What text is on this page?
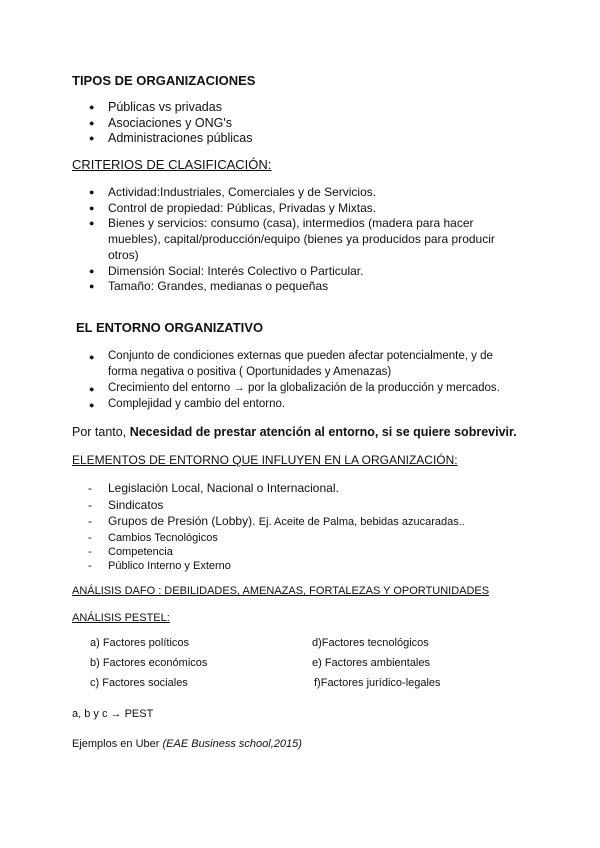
TIPOS DE ORGANIZACIONES
● Públicas vs privadas
● Asociaciones y ONG's
● Administraciones públicas
CRITERIOS DE CLASIFICACIÓN:
● Actividad:Industriales, Comerciales y de Servicios.
● Control de propiedad: Públicas, Privadas y Mixtas.
● Bienes y servicios: consumo (casa), intermedios (madera para hacer muebles), capital/producción/equipo (bienes ya producidos para producir otros)
● Dimensión Social: Interés Colectivo o Particular.
● Tamaño: Grandes, medianas o pequeñas
EL ENTORNO ORGANIZATIVO
● Conjunto de condiciones externas que pueden afectar potencialmente, y de forma negativa o positiva ( Oportunidades y Amenazas)
● Crecimiento del entorno → por la globalización de la producción y mercados.
● Complejidad y cambio del entorno.

Por tanto, Necesidad de prestar atención al entorno, si se quiere sobrevivir.

ELEMENTOS DE ENTORNO QUE INFLUYEN EN LA ORGANIZACIÓN:
- Legislación Local, Nacional o Internacional.
- Sindicatos
- Grupos de Presión (Lobby). Ej. Aceite de Palma, bebidas azucaradas..
- Cambios Tecnológicos
- Competencia
- Público Interno y Externo
ANÁLISIS DAFO : DEBILIDADES, AMENAZAS, FORTALEZAS Y OPORTUNIDADES
ANÁLISIS PESTEL:
a) Factores políticos
b) Factores económicos
c) Factores sociales
d)Factores tecnológicos
e) Factores ambientales
f)Factores jurídico-legales

a, b y c → PEST

Ejemplos en Uber (EAE Business school,2015)
